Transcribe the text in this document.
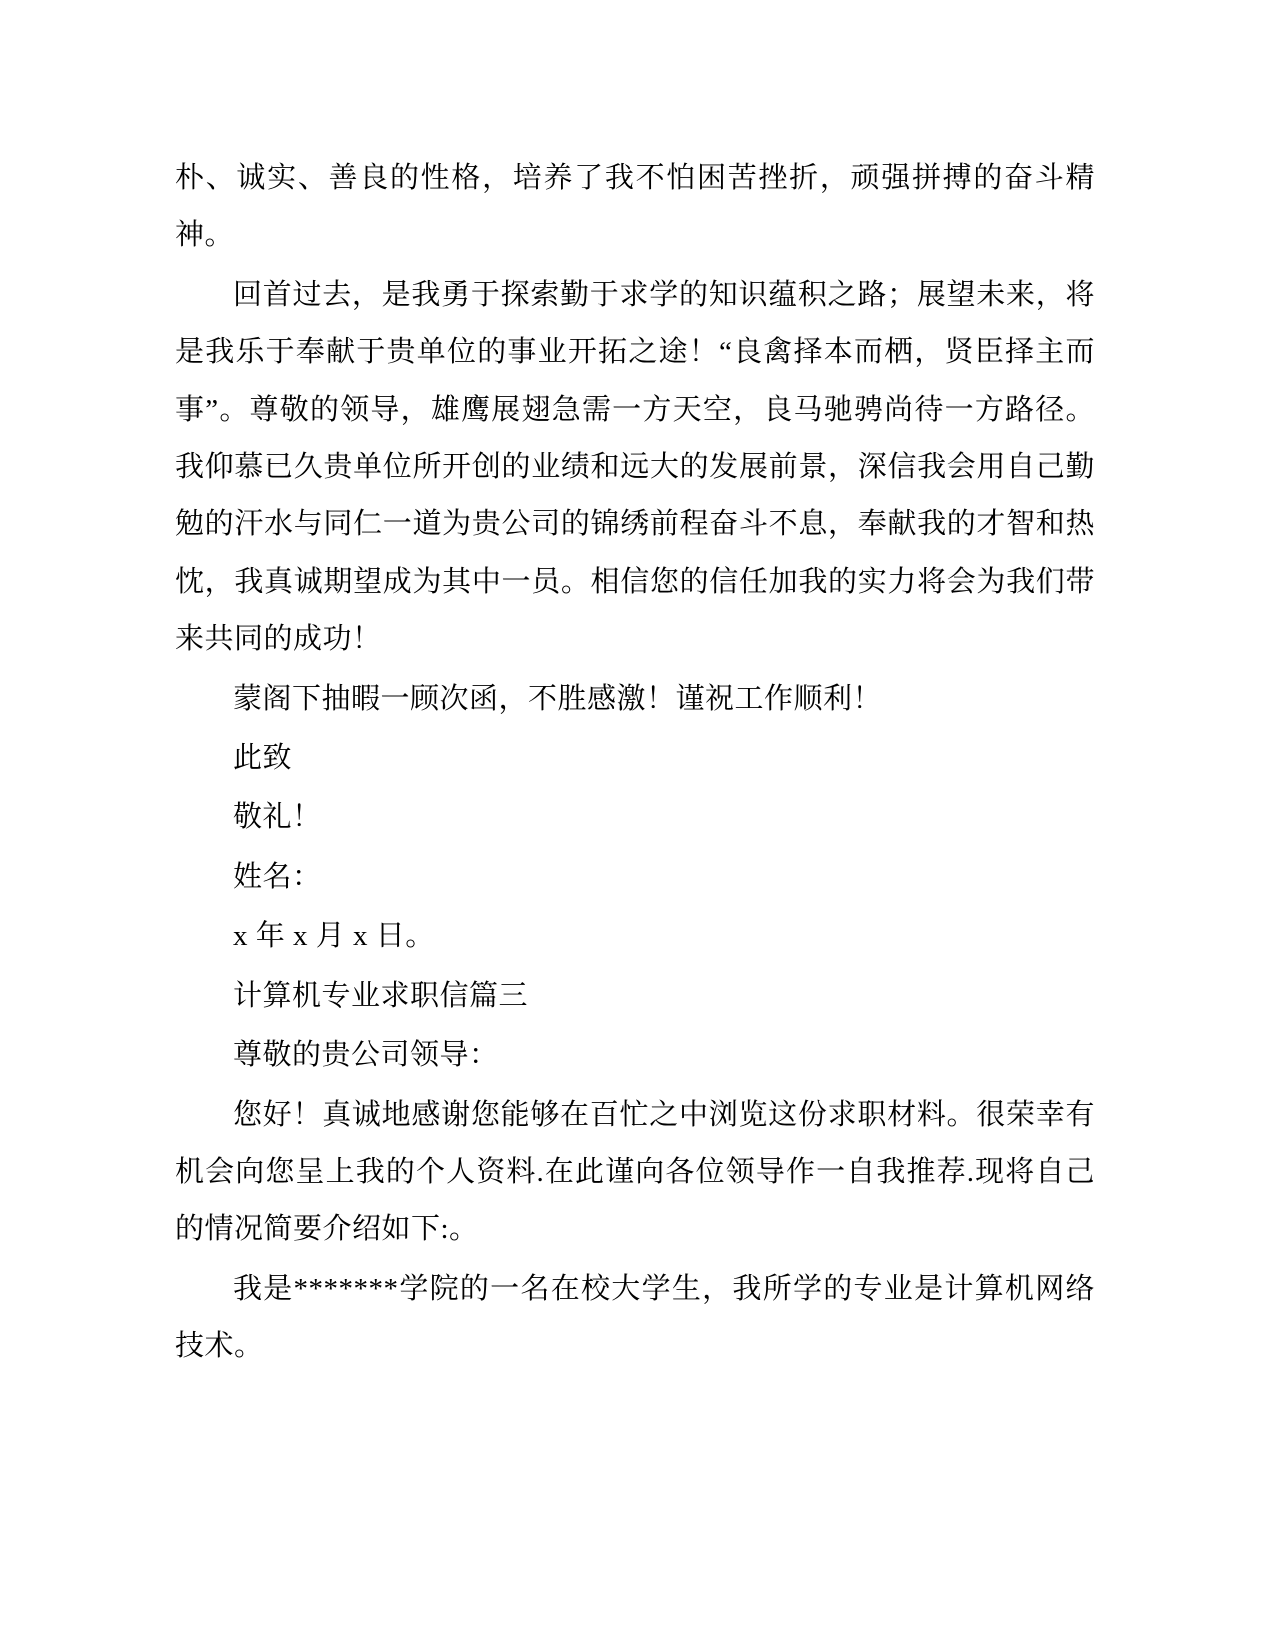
朴、诚实、善良的性格，培养了我不怕困苦挫折，顽强拼搏的奋斗精神。

回首过去，是我勇于探索勤于求学的知识蕴积之路；展望未来，将是我乐于奉献于贵单位的事业开拓之途！“良禽择本而栖，贤臣择主而事”。尊敬的领导，雄鹰展翅急需一方天空，良马驰骋尚待一方路径。我仰慕已久贵单位所开创的业绩和远大的发展前景，深信我会用自己勤勉的汗水与同仁一道为贵公司的锦绣前程奋斗不息，奉献我的才智和热忱，我真诚期望成为其中一员。相信您的信任加我的实力将会为我们带来共同的成功！

蒙阁下抽暇一顾次函，不胜感激！谨祝工作顺利！

此致

敬礼！

姓名：

x 年 x 月 x 日。

计算机专业求职信篇三

尊敬的贵公司领导：

您好！真诚地感谢您能够在百忙之中浏览这份求职材料。很荣幸有机会向您呈上我的个人资料.在此谨向各位领导作一自我推荐.现将自己的情况简要介绍如下:。

我是*******学院的一名在校大学生，我所学的专业是计算机网络技术。
